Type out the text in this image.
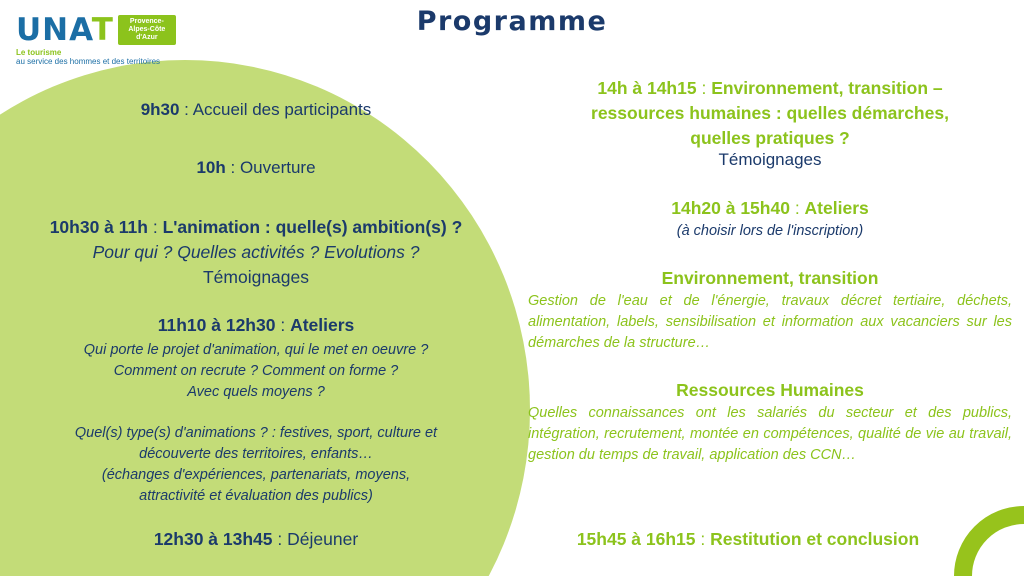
UNAT	Provence-Alpes-Côte d'Azur
Le tourisme
au service des hommes et des territoires
Programme
9h30 : Accueil des participants
10h : Ouverture
10h30 à 11h : L'animation : quelle(s) ambition(s) ?
Pour qui ? Quelles activités ? Evolutions ?
Témoignages
11h10 à 12h30 : Ateliers
Qui porte le projet d'animation, qui le met en oeuvre ?
Comment on recrute ? Comment on forme ?
Avec quels moyens ?
Quel(s) type(s) d'animations ? : festives, sport, culture et
découverte des territoires, enfants…
(échanges d'expériences, partenariats, moyens,
attractivité et évaluation des publics)
12h30 à 13h45 : Déjeuner
14h à 14h15 : Environnement, transition –
ressources humaines : quelles démarches,
quelles pratiques ?
Témoignages
14h20 à 15h40 : Ateliers
(à choisir lors de l'inscription)
Environnement, transition
Gestion de l'eau et de l'énergie, travaux décret tertiaire, déchets, alimentation, labels, sensibilisation et information aux vacanciers sur les démarches de la structure…
Ressources Humaines
Quelles connaissances ont les salariés du secteur et des publics, intégration, recrutement, montée en compétences, qualité de vie au travail, gestion du temps de travail, application des CCN…
15h45 à 16h15 : Restitution et conclusion
